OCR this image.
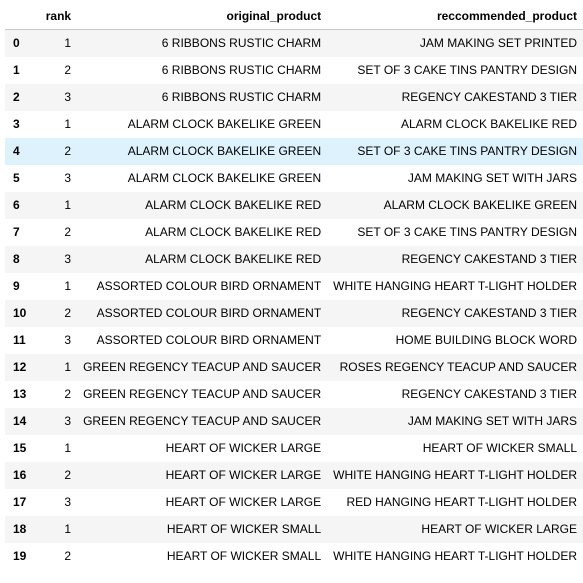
	rank	original_product	reccommended_product
0	1	6 RIBBONS RUSTIC CHARM	JAM MAKING SET PRINTED
1	2	6 RIBBONS RUSTIC CHARM	SET OF 3 CAKE TINS PANTRY DESIGN
2	3	6 RIBBONS RUSTIC CHARM	REGENCY CAKESTAND 3 TIER
3	1	ALARM CLOCK BAKELIKE GREEN	ALARM CLOCK BAKELIKE RED
4	2	ALARM CLOCK BAKELIKE GREEN	SET OF 3 CAKE TINS PANTRY DESIGN
5	3	ALARM CLOCK BAKELIKE GREEN	JAM MAKING SET WITH JARS
6	1	ALARM CLOCK BAKELIKE RED	ALARM CLOCK BAKELIKE GREEN
7	2	ALARM CLOCK BAKELIKE RED	SET OF 3 CAKE TINS PANTRY DESIGN
8	3	ALARM CLOCK BAKELIKE RED	REGENCY CAKESTAND 3 TIER
9	1	ASSORTED COLOUR BIRD ORNAMENT	WHITE HANGING HEART T-LIGHT HOLDER
10	2	ASSORTED COLOUR BIRD ORNAMENT	REGENCY CAKESTAND 3 TIER
11	3	ASSORTED COLOUR BIRD ORNAMENT	HOME BUILDING BLOCK WORD
12	1	GREEN REGENCY TEACUP AND SAUCER	ROSES REGENCY TEACUP AND SAUCER
13	2	GREEN REGENCY TEACUP AND SAUCER	REGENCY CAKESTAND 3 TIER
14	3	GREEN REGENCY TEACUP AND SAUCER	JAM MAKING SET WITH JARS
15	1	HEART OF WICKER LARGE	HEART OF WICKER SMALL
16	2	HEART OF WICKER LARGE	WHITE HANGING HEART T-LIGHT HOLDER
17	3	HEART OF WICKER LARGE	RED HANGING HEART T-LIGHT HOLDER
18	1	HEART OF WICKER SMALL	HEART OF WICKER LARGE
19	2	HEART OF WICKER SMALL	WHITE HANGING HEART T-LIGHT HOLDER
